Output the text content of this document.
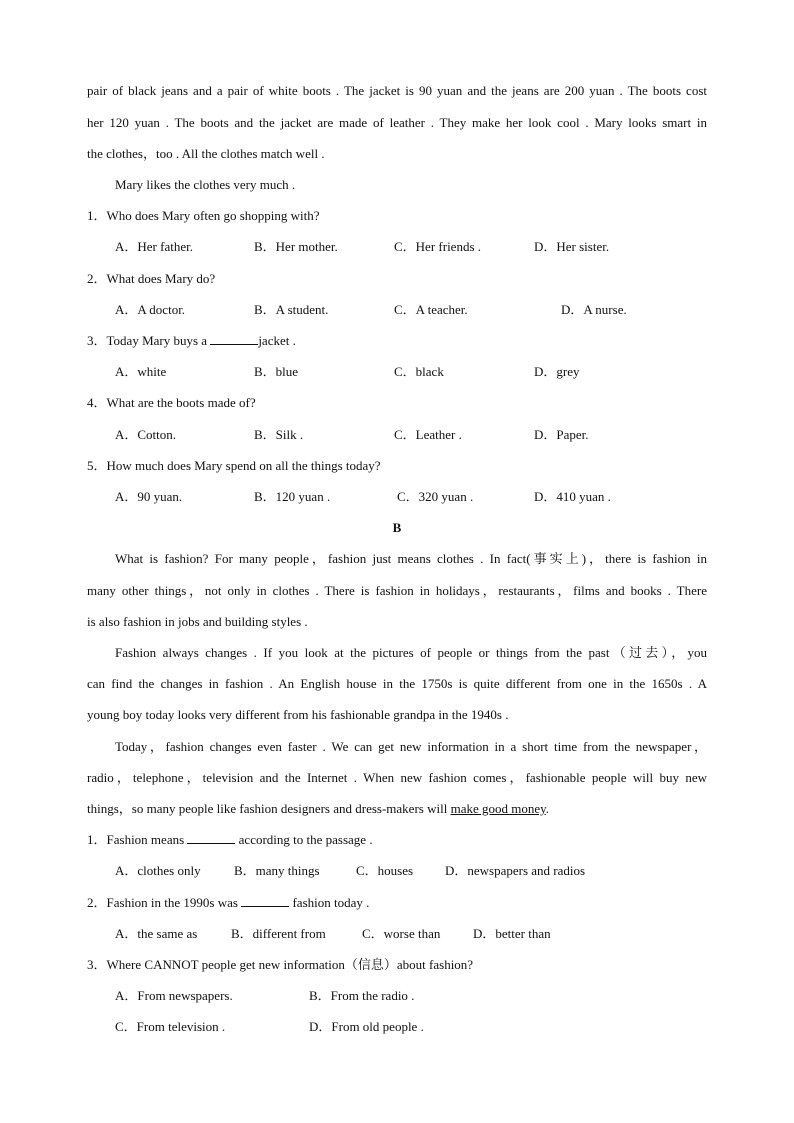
pair of black jeans and a pair of white boots . The jacket is 90 yuan and the jeans are 200 yuan . The boots cost
her 120 yuan . The boots and the jacket are made of leather . They make her look cool . Mary looks smart in
the clothes，too . All the clothes match well .
Mary likes the clothes very much .
1．Who does Mary often go shopping with?
A．Her father.	B．Her mother.	C．Her friends .	D．Her sister.
2．What does Mary do?
A．A doctor.	B．A student.	C．A teacher.	D．A nurse.
3．Today Mary buys a	jacket .
A．white	B．blue	C．black	D．grey
4．What are the boots made of?
A．Cotton.	B．Silk .	C．Leather .	D．Paper.
5．How much does Mary spend on all the things today?
A．90 yuan.	B．120 yuan .	C．320 yuan .	D．410 yuan .
B
What is fashion? For many people，fashion just means clothes . In fact(事实上)，there is fashion in
many other things，not only in clothes . There is fashion in holidays，restaurants，films and books . There
is also fashion in jobs and building styles .
Fashion always changes . If you look at the pictures of people or things from the past（过去），you
can find the changes in fashion . An English house in the 1750s is quite different from one in the 1650s . A
young boy today looks very different from his fashionable grandpa in the 1940s .
Today，fashion changes even faster . We can get new information in a short time from the newspaper，
radio，telephone，television and the Internet . When new fashion comes，fashionable people will buy new
things，so many people like fashion designers and dress-makers will make good money.
1．Fashion means	according to the passage .
A．clothes only	B．many things	C．houses D．newspapers and radios
2．Fashion in the 1990s was	fashion today .
A．the same as	B．different from	C．worse than	D．better than
3．Where CANNOT people get new information（信息）about fashion?
A．From newspapers.	B．From the radio .
C．From television .	D．From old people .
